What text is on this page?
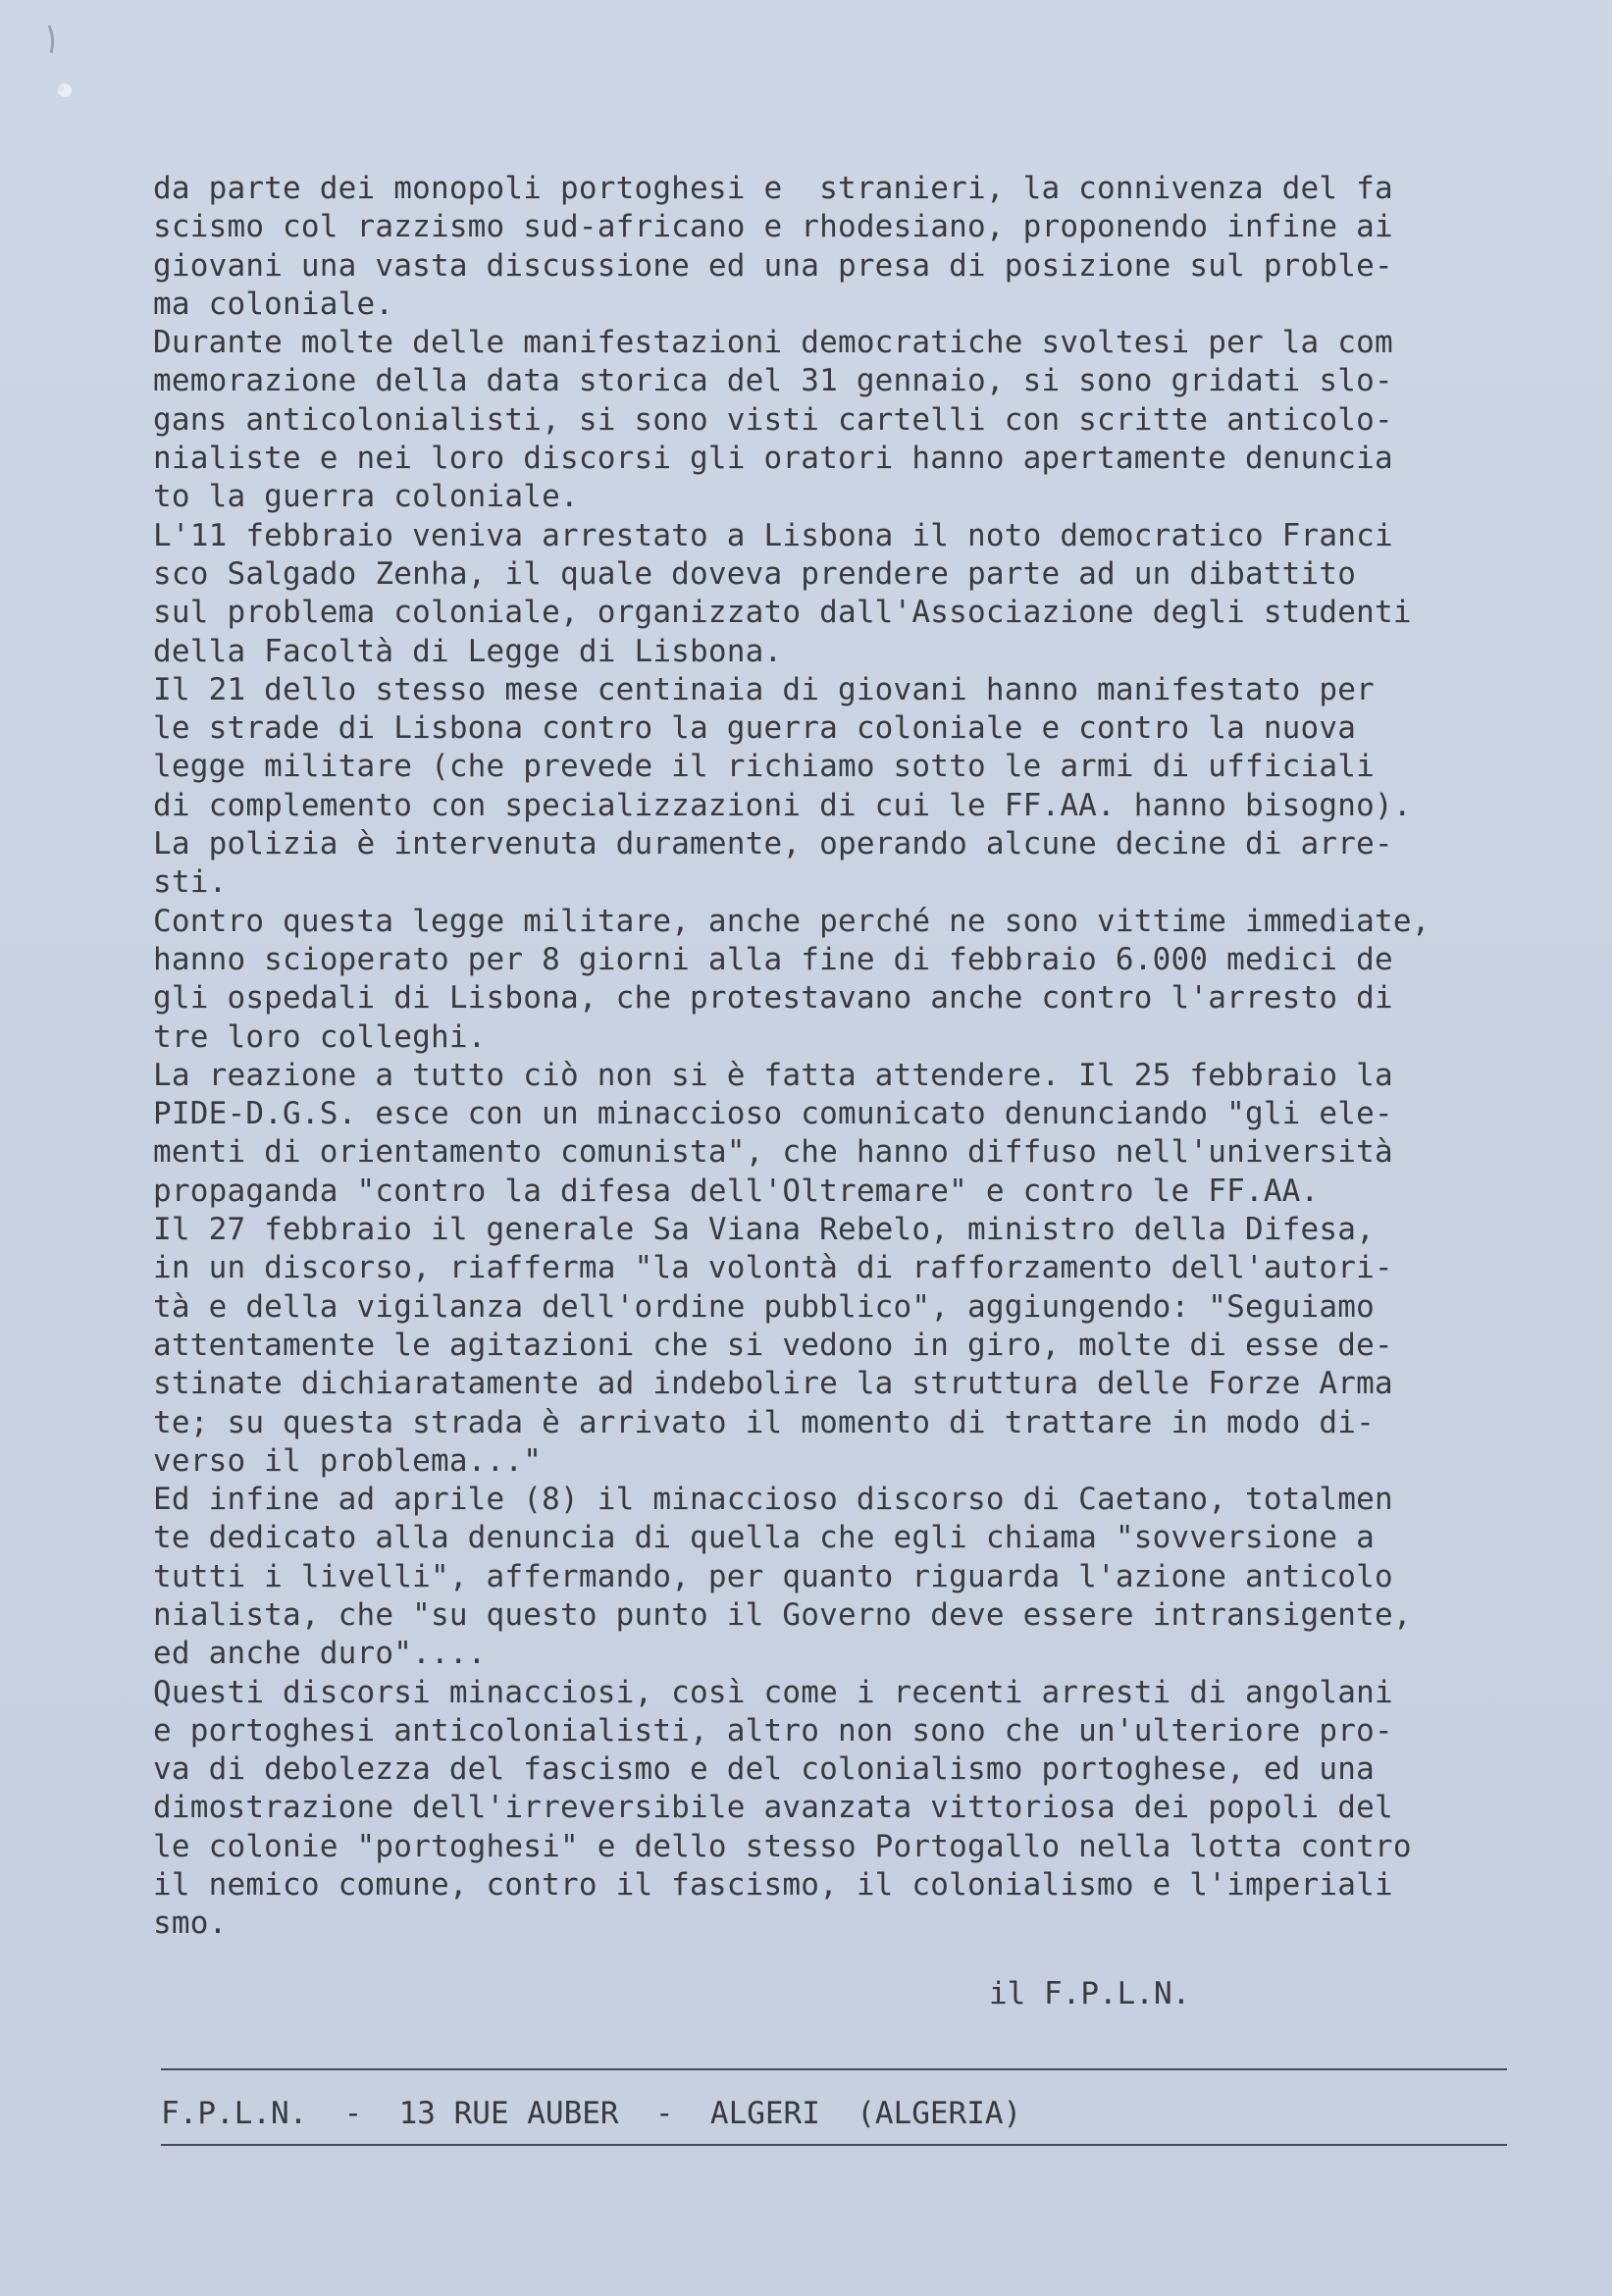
da parte dei monopoli portoghesi e  stranieri, la connivenza del fa
scismo col razzismo sud-africano e rhodesiano, proponendo infine ai
giovani una vasta discussione ed una presa di posizione sul proble-
ma coloniale.
Durante molte delle manifestazioni democratiche svoltesi per la com
memorazione della data storica del 31 gennaio, si sono gridati slo-
gans anticolonialisti, si sono visti cartelli con scritte anticolo-
nialiste e nei loro discorsi gli oratori hanno apertamente denuncia
to la guerra coloniale.
L'11 febbraio veniva arrestato a Lisbona il noto democratico Franci
sco Salgado Zenha, il quale doveva prendere parte ad un dibattito
sul problema coloniale, organizzato dall'Associazione degli studenti
della Facoltà di Legge di Lisbona.
Il 21 dello stesso mese centinaia di giovani hanno manifestato per
le strade di Lisbona contro la guerra coloniale e contro la nuova
legge militare (che prevede il richiamo sotto le armi di ufficiali
di complemento con specializzazioni di cui le FF.AA. hanno bisogno).
La polizia è intervenuta duramente, operando alcune decine di arre-
sti.
Contro questa legge militare, anche perché ne sono vittime immediate,
hanno scioperato per 8 giorni alla fine di febbraio 6.000 medici de
gli ospedali di Lisbona, che protestavano anche contro l'arresto di
tre loro colleghi.
La reazione a tutto ciò non si è fatta attendere. Il 25 febbraio la
PIDE-D.G.S. esce con un minaccioso comunicato denunciando "gli ele-
menti di orientamento comunista", che hanno diffuso nell'università
propaganda "contro la difesa dell'Oltremare" e contro le FF.AA.
Il 27 febbraio il generale Sa Viana Rebelo, ministro della Difesa,
in un discorso, riafferma "la volontà di rafforzamento dell'autori-
tà e della vigilanza dell'ordine pubblico", aggiungendo: "Seguiamo
attentamente le agitazioni che si vedono in giro, molte di esse de-
stinate dichiaratamente ad indebolire la struttura delle Forze Arma
te; su questa strada è arrivato il momento di trattare in modo di-
verso il problema..."
Ed infine ad aprile (8) il minaccioso discorso di Caetano, totalmen
te dedicato alla denuncia di quella che egli chiama "sovversione a
tutti i livelli", affermando, per quanto riguarda l'azione anticolo
nialista, che "su questo punto il Governo deve essere intransigente,
ed anche duro"....
Questi discorsi minacciosi, così come i recenti arresti di angolani
e portoghesi anticolonialisti, altro non sono che un'ulteriore pro-
va di debolezza del fascismo e del colonialismo portoghese, ed una
dimostrazione dell'irreversibile avanzata vittoriosa dei popoli del
le colonie "portoghesi" e dello stesso Portogallo nella lotta contro
il nemico comune, contro il fascismo, il colonialismo e l'imperiali
smo.
il F.P.L.N.
F.P.L.N.  -  13 RUE AUBER  -  ALGERI  (ALGERIA)
